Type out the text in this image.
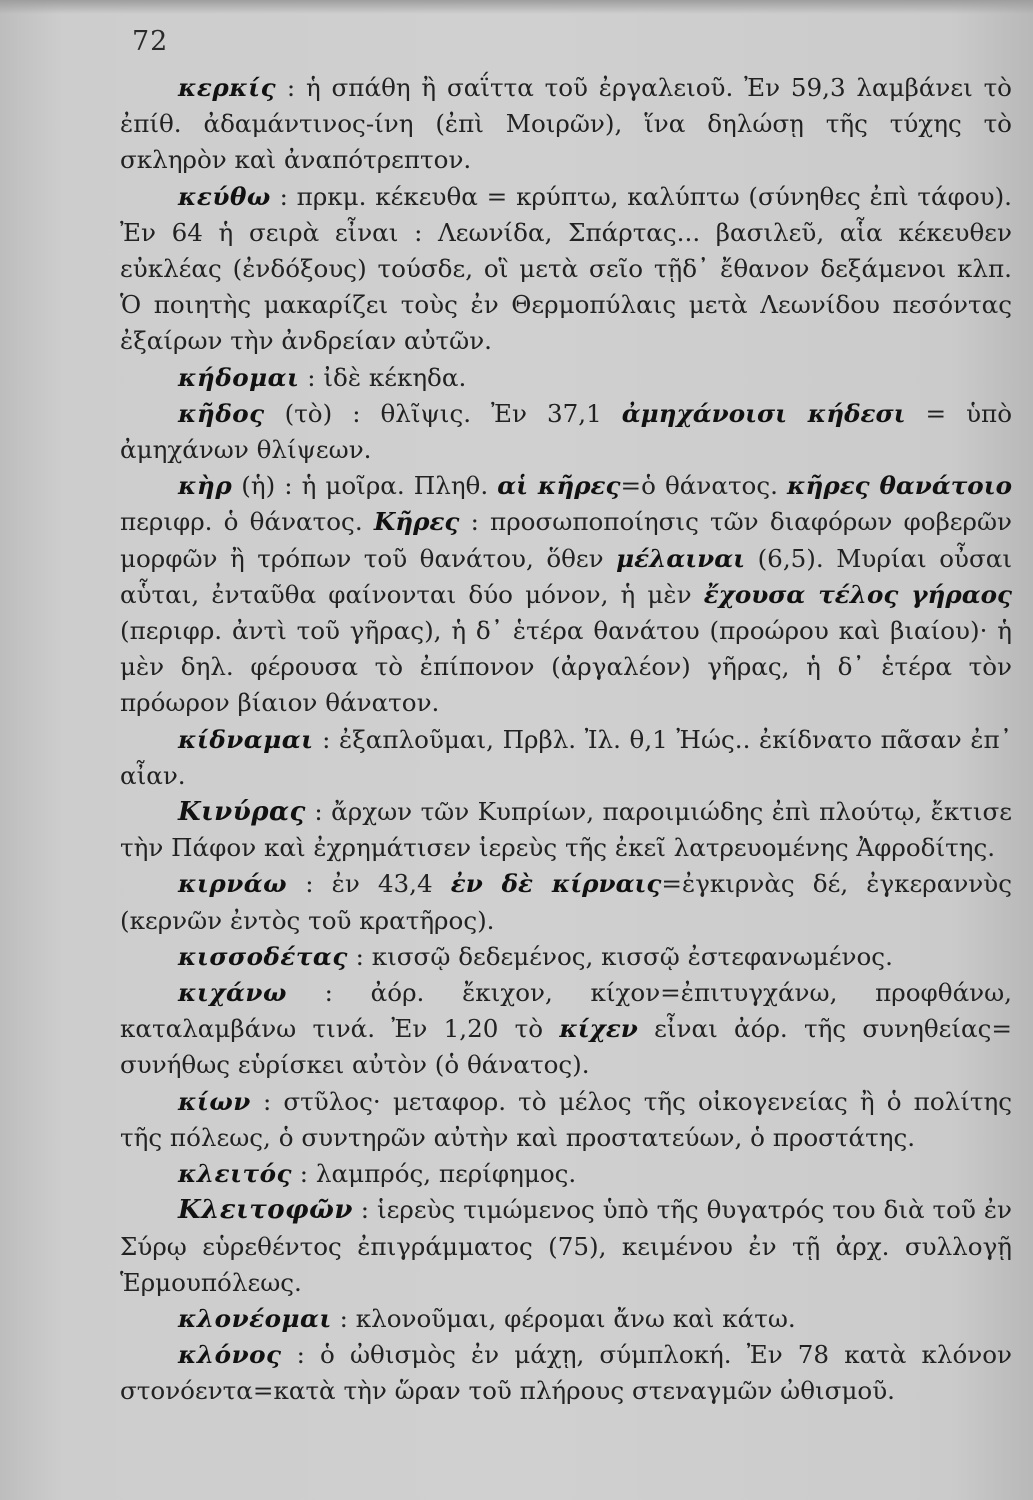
72

κερκίς : ἡ σπάθη ἢ σαΐττα τοῦ ἐργαλειοῦ. Ἐν 59,3 λαμβάνει τὸ ἐπίθ. ἀδαμάντινος-ίνη (ἐπὶ Μοιρῶν), ἵνα δηλώσῃ τῆς τύχης τὸ σκληρὸν καὶ ἀναπότρεπτον.

κεύθω : πρκμ. κέκευθα = κρύπτω, καλύπτω (σύνηθες ἐπὶ τάφου). Ἐν 64 ἡ σειρὰ εἶναι : Λεωνίδα, Σπάρτας... βασιλεῦ, αἷα κέκευθεν εὐκλέας (ἐνδόξους) τούσδε, οἳ μετὰ σεῖο τῇδ᾽ ἔθανον δεξάμενοι κλπ. Ὁ ποιητὴς μακαρίζει τοὺς ἐν Θερμοπύλαις μετὰ Λεωνίδου πεσόντας ἐξαίρων τὴν ἀνδρείαν αὐτῶν.

κήδομαι : ἰδὲ κέκηδα.

κῆδος (τὸ) : θλῖψις. Ἐν 37,1 ἀμηχάνοισι κήδεσι = ὑπὸ ἀμηχάνων θλίψεων.

κὴρ (ἡ) : ἡ μοῖρα. Πληθ. αἱ κῆρες=ὁ θάνατος. κῆρες θανάτοιο περιφρ. ὁ θάνατος. Κῆρες : προσωποποίησις τῶν διαφόρων φοβερῶν μορφῶν ἢ τρόπων τοῦ θανάτου, ὅθεν μέλαιναι (6,5). Μυρίαι οὖσαι αὗται, ἐνταῦθα φαίνονται δύο μόνον, ἡ μὲν ἔχουσα τέλος γήραος (περιφρ. ἀντὶ τοῦ γῆρας), ἡ δ᾽ ἑτέρα θανάτου (προώρου καὶ βιαίου)· ἡ μὲν δηλ. φέρουσα τὸ ἐπίπονον (ἀργαλέον) γῆρας, ἡ δ᾽ ἑτέρα τὸν πρόωρον βίαιον θάνατον.

κίδναμαι : ἐξαπλοῦμαι, Πρβλ. Ἰλ. θ,1 Ἠώς.. ἐκίδνατο πᾶσαν ἐπ᾽ αἶαν.

Κινύρας : ἄρχων τῶν Κυπρίων, παροιμιώδης ἐπὶ πλούτῳ, ἔκτισε τὴν Πάφον καὶ ἐχρημάτισεν ἱερεὺς τῆς ἐκεῖ λατρευομένης Ἀφροδίτης.

κιρνάω : ἐν 43,4 ἐν δὲ κίρναις=ἐγκιρνὰς δέ, ἐγκεραννὺς (κερνῶν ἐντὸς τοῦ κρατῆρος).

κισσοδέτας : κισσῷ δεδεμένος, κισσῷ ἐστεφανωμένος.

κιχάνω : ἀόρ. ἔκιχον, κίχον=ἐπιτυγχάνω, προφθάνω, καταλαμβάνω τινά. Ἐν 1,20 τὸ κίχεν εἶναι ἀόρ. τῆς συνηθείας= συνήθως εὑρίσκει αὐτὸν (ὁ θάνατος).

κίων : στῦλος· μεταφορ. τὸ μέλος τῆς οἰκογενείας ἢ ὁ πολίτης τῆς πόλεως, ὁ συντηρῶν αὐτὴν καὶ προστατεύων, ὁ προστάτης.

κλειτός : λαμπρός, περίφημος.

Κλειτοφῶν : ἱερεὺς τιμώμενος ὑπὸ τῆς θυγατρός του διὰ τοῦ ἐν Σύρῳ εὑρεθέντος ἐπιγράμματος (75), κειμένου ἐν τῇ ἀρχ. συλλογῇ Ἑρμουπόλεως.

κλονέομαι : κλονοῦμαι, φέρομαι ἄνω καὶ κάτω.

κλόνος : ὁ ὠθισμὸς ἐν μάχῃ, σύμπλοκή. Ἐν 78 κατὰ κλόνον στονόεντα=κατὰ τὴν ὥραν τοῦ πλήρους στεναγμῶν ὠθισμοῦ.
